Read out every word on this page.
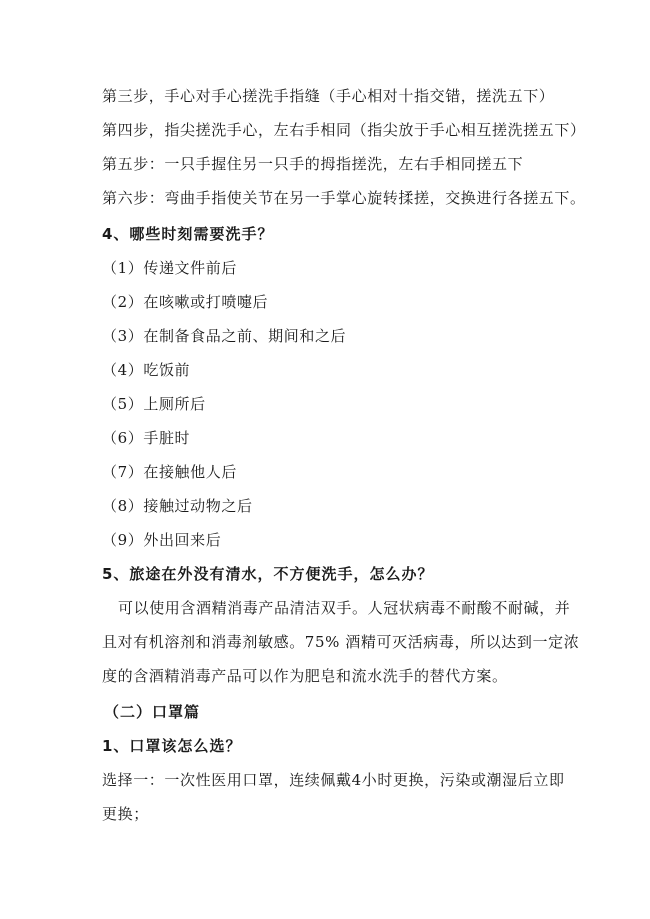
第三步，手心对手心搓洗手指缝（手心相对十指交错，搓洗五下）
第四步，指尖搓洗手心，左右手相同（指尖放于手心相互搓洗搓五下）
第五步：一只手握住另一只手的拇指搓洗，左右手相同搓五下
第六步：弯曲手指使关节在另一手掌心旋转揉搓，交换进行各搓五下。
4、哪些时刻需要洗手？
（1）传递文件前后
（2）在咳嗽或打喷嚏后
（3）在制备食品之前、期间和之后
（4）吃饭前
（5）上厕所后
（6）手脏时
（7）在接触他人后
（8）接触过动物之后
（9）外出回来后
5、旅途在外没有清水，不方便洗手，怎么办？
可以使用含酒精消毒产品清洁双手。人冠状病毒不耐酸不耐碱，并
且对有机溶剂和消毒剂敏感。75% 酒精可灭活病毒，所以达到一定浓
度的含酒精消毒产品可以作为肥皂和流水洗手的替代方案。
（二）口罩篇
1、口罩该怎么选？
选择一：一次性医用口罩，连续佩戴4小时更换，污染或潮湿后立即
更换；
